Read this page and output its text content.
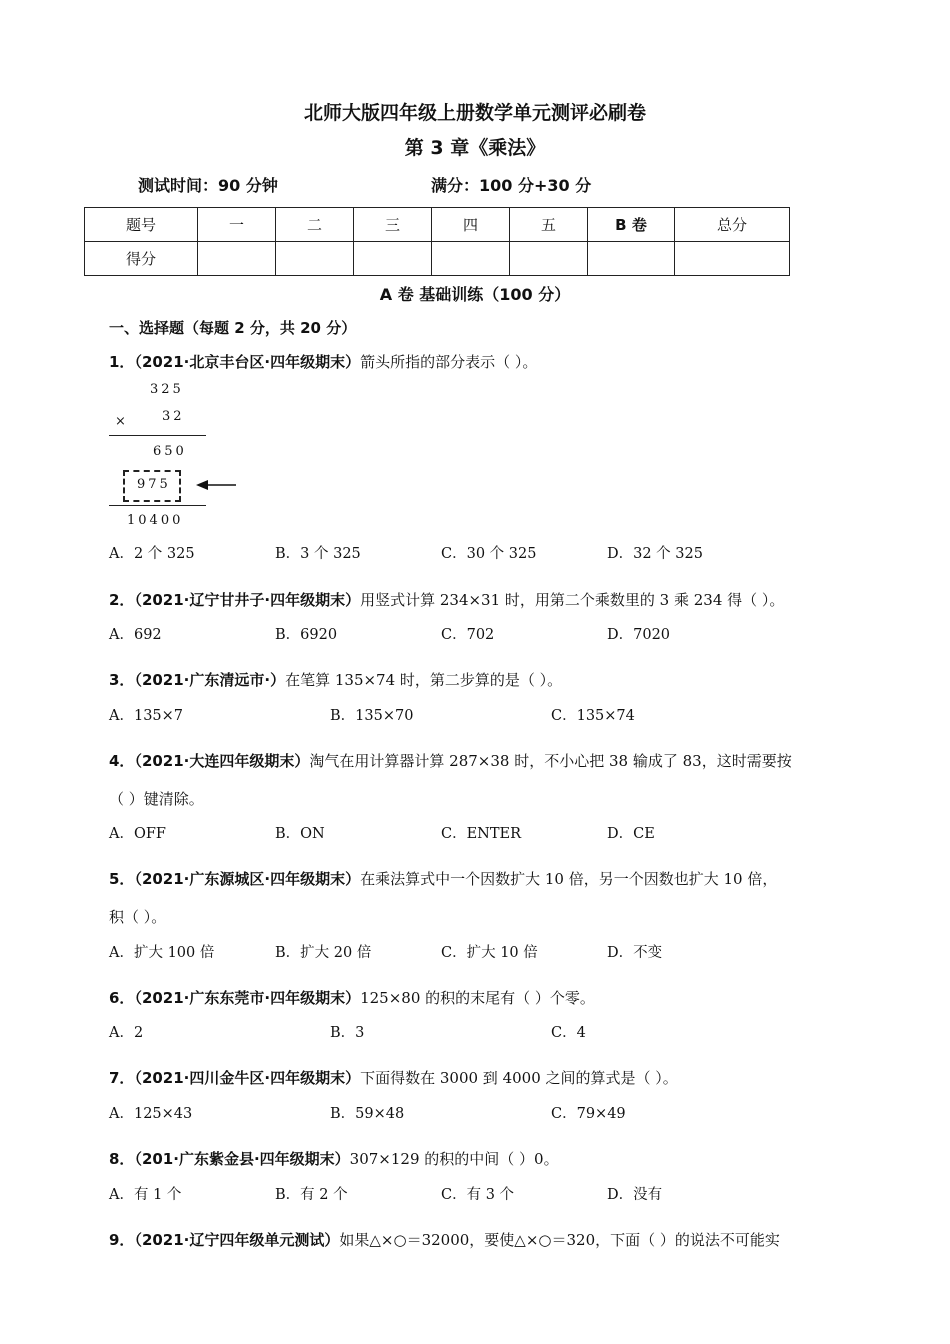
北师大版四年级上册数学单元测评必刷卷
第 3 章《乘法》
测试时间：90 分钟	满分：100 分+30 分
题号	一	二	三	四	五	B 卷	总分
得分							
A 卷 基础训练（100 分）
一、选择题（每题 2 分，共 20 分）
1．（2021·北京丰台区·四年级期末）箭头所指的部分表示（ ）。
325
×	32
650
975
10400
A．2 个 325	B．3 个 325	C．30 个 325	D．32 个 325
2．（2021·辽宁甘井子·四年级期末）用竖式计算 234×31 时，用第二个乘数里的 3 乘 234 得（ ）。
A．692	B．6920	C．702	D．7020
3．（2021·广东清远市·）在笔算 135×74 时，第二步算的是（ ）。
A．135×7	B．135×70	C．135×74
4．（2021·大连四年级期末）淘气在用计算器计算 287×38 时，不小心把 38 输成了 83，这时需要按
（ ）键清除。
A．OFF	B．ON	C．ENTER	D．CE
5．（2021·广东源城区·四年级期末）在乘法算式中一个因数扩大 10 倍，另一个因数也扩大 10 倍，
积（ ）。
A．扩大 100 倍	B．扩大 20 倍	C．扩大 10 倍	D．不变
6．（2021·广东东莞市·四年级期末）125×80 的积的末尾有（ ）个零。
A．2	B．3	C．4
7．（2021·四川金牛区·四年级期末）下面得数在 3000 到 4000 之间的算式是（ ）。
A．125×43	B．59×48	C．79×49
8．（201·广东紫金县·四年级期末）307×129 的积的中间（ ）0。
A．有 1 个	B．有 2 个	C．有 3 个	D．没有
9．（2021·辽宁四年级单元测试）如果△×○＝32000，要使△×○＝320，下面（ ）的说法不可能实
